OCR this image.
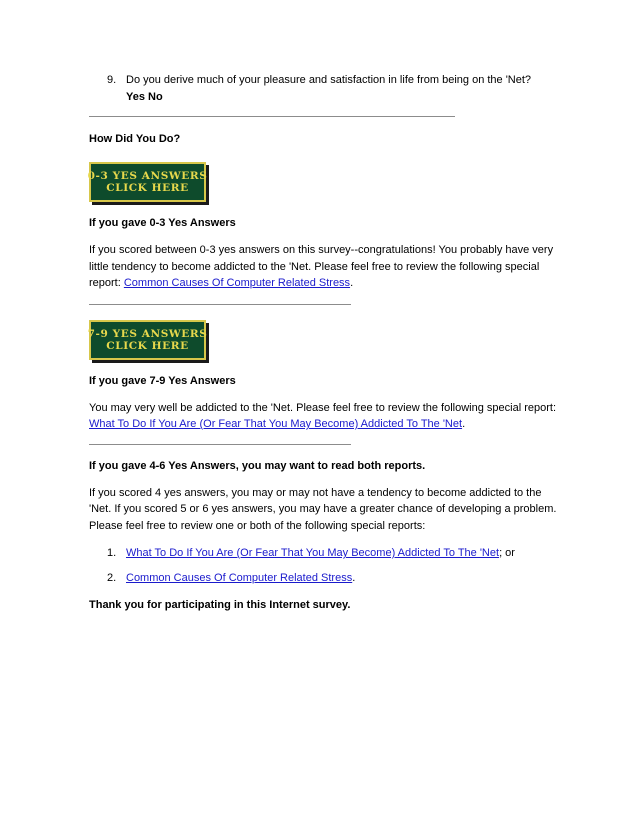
9. Do you derive much of your pleasure and satisfaction in life from being on the 'Net?
Yes No

How Did You Do?

0-3 YES ANSWERS
CLICK HERE

If you gave 0-3 Yes Answers

If you scored between 0-3 yes answers on this survey--congratulations! You probably have very little tendency to become addicted to the 'Net. Please feel free to review the following special report: Common Causes Of Computer Related Stress.

7-9 YES ANSWERS
CLICK HERE

If you gave 7-9 Yes Answers

You may very well be addicted to the 'Net. Please feel free to review the following special report: What To Do If You Are (Or Fear That You May Become) Addicted To The 'Net.

If you gave 4-6 Yes Answers, you may want to read both reports.

If you scored 4 yes answers, you may or may not have a tendency to become addicted to the 'Net. If you scored 5 or 6 yes answers, you may have a greater chance of developing a problem. Please feel free to review one or both of the following special reports:

1. What To Do If You Are (Or Fear That You May Become) Addicted To The 'Net; or
2. Common Causes Of Computer Related Stress.

Thank you for participating in this Internet survey.
